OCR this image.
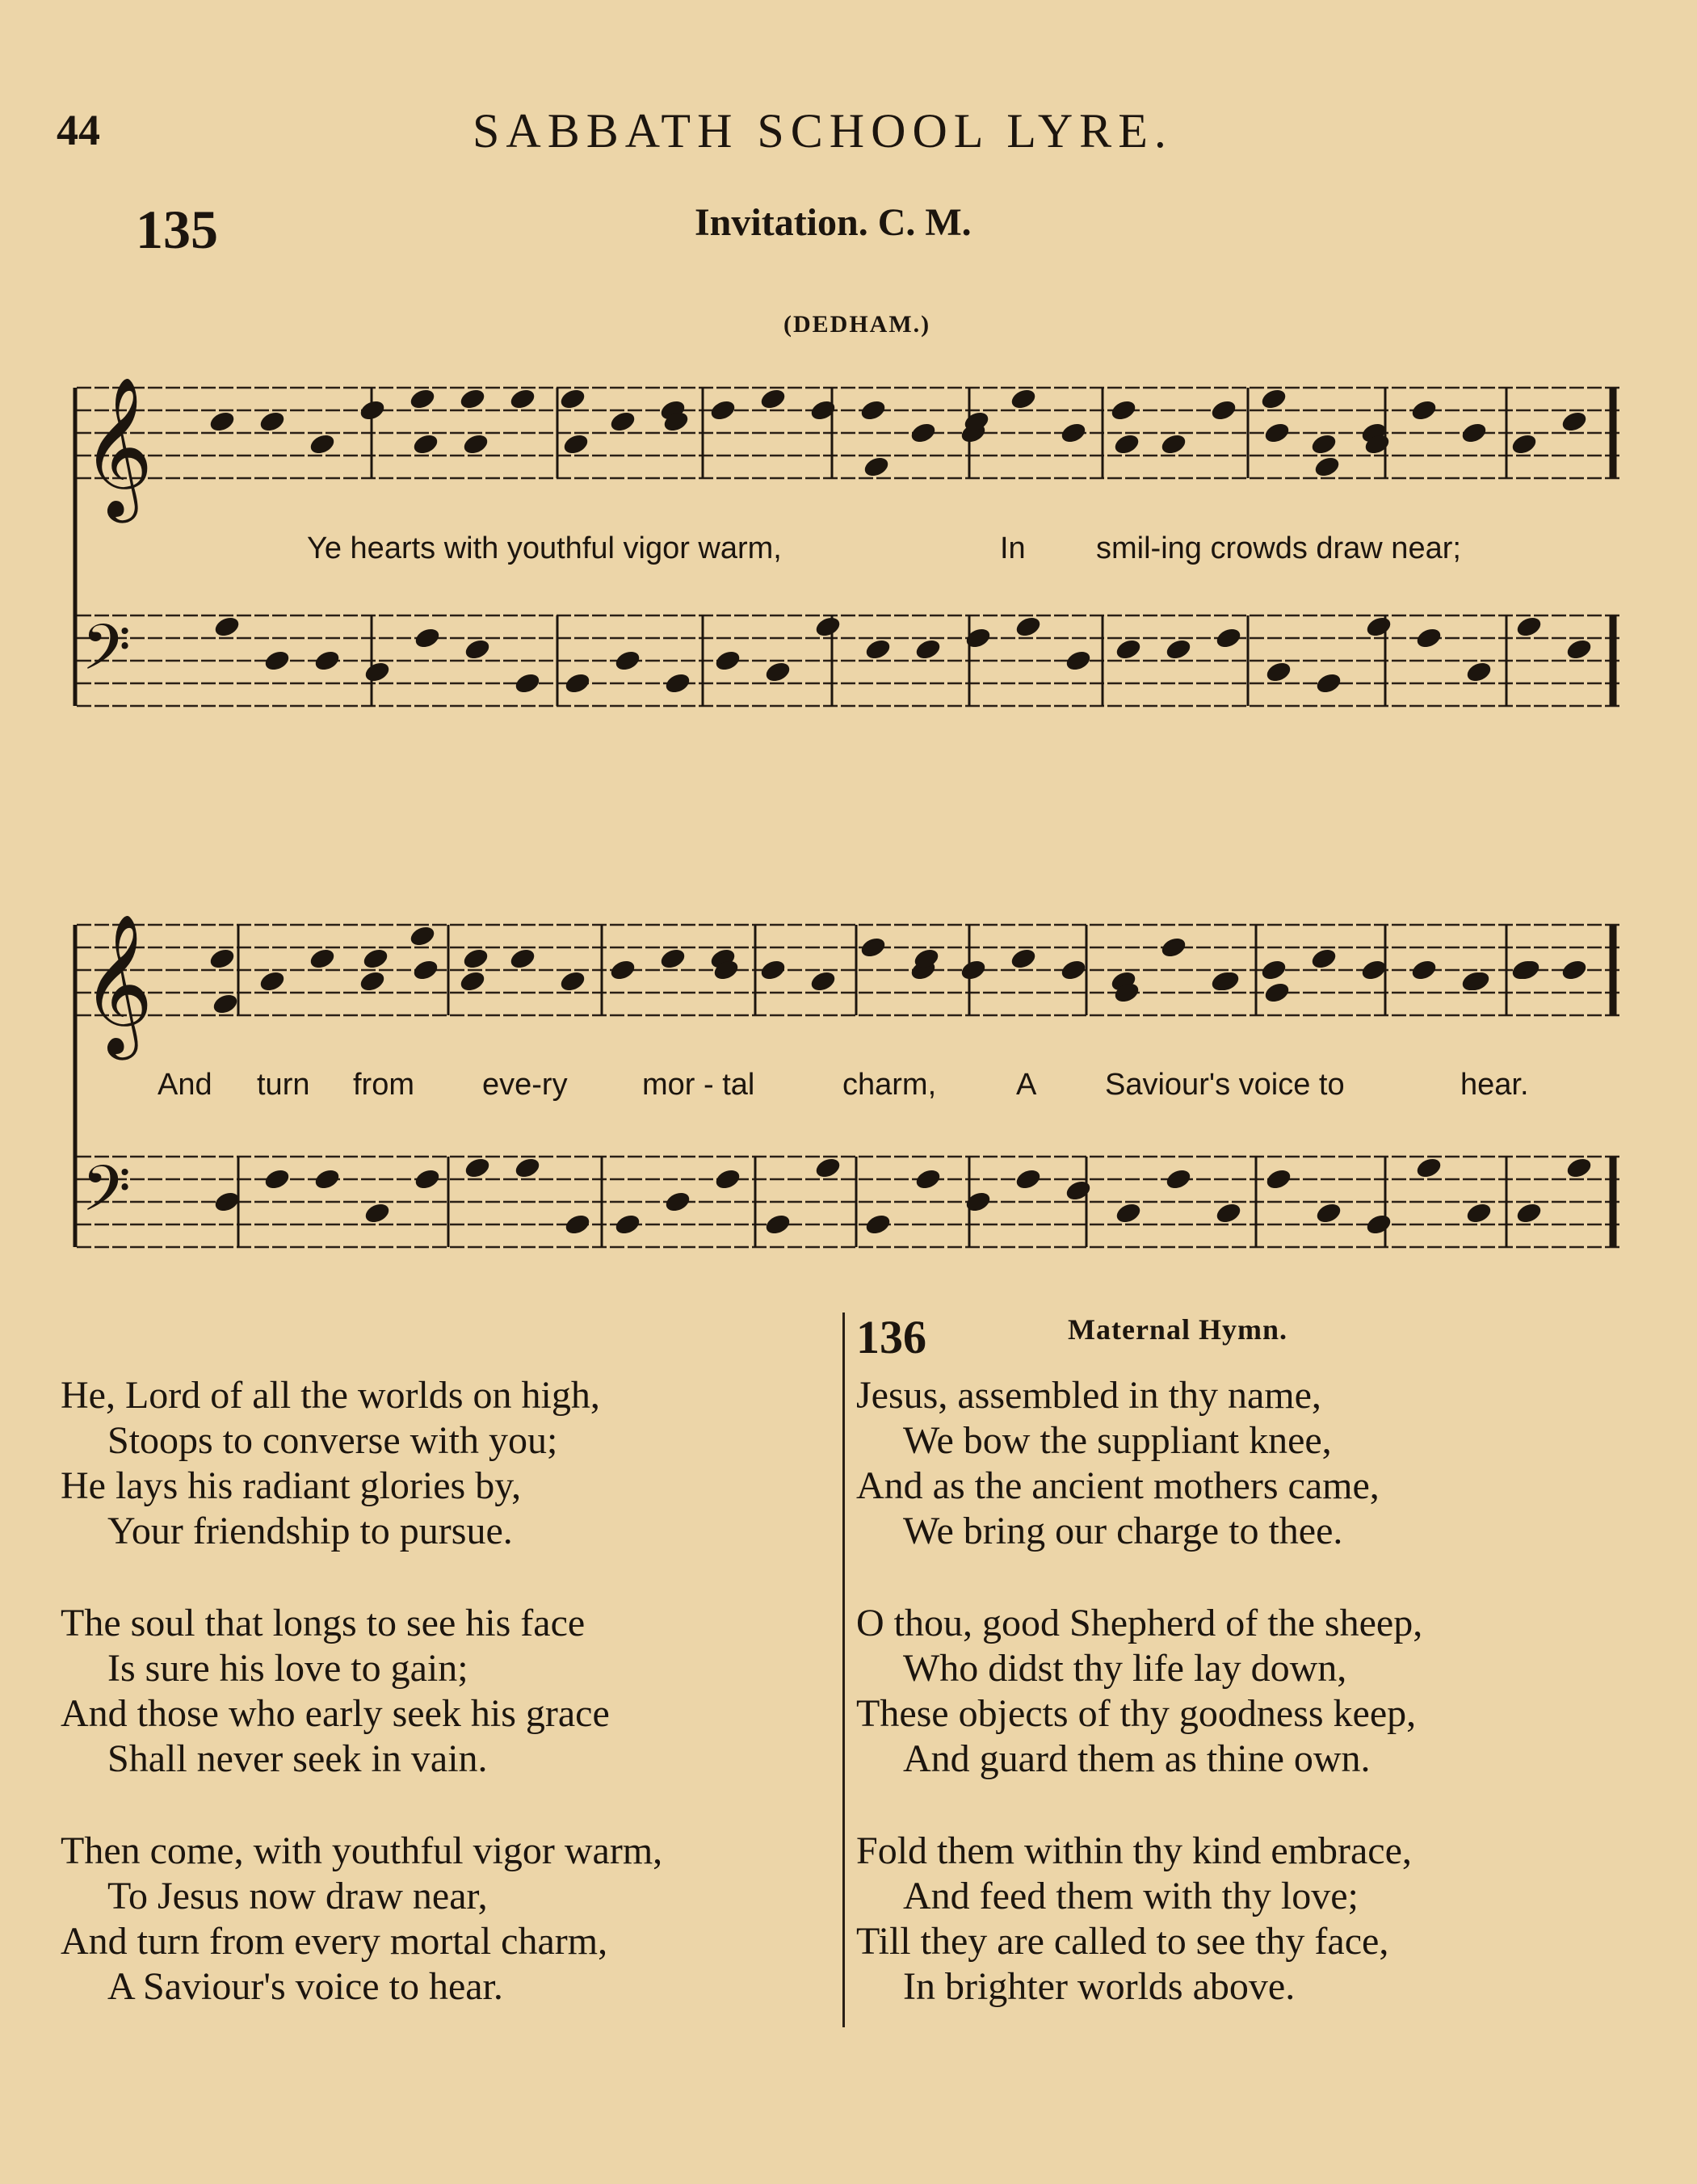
44	SABBATH SCHOOL LYRE.
135	Invitation. C. M.
(DEDHAM.)
𝄞
𝄢
𝄞
𝄢
Ye hearts with youthful vigor warm,	In smil-ing crowds draw near;
And turn from eve-ry mor - tal	charm,	A Saviour's voice to	hear.
He, Lord of all the worlds on high,
Stoops to converse with you;
He lays his radiant glories by,
Your friendship to pursue.
The soul that longs to see his face
Is sure his love to gain;
And those who early seek his grace
Shall never seek in vain.
Then come, with youthful vigor warm,
To Jesus now draw near,
And turn from every mortal charm,
A Saviour's voice to hear.
136	Maternal Hymn.
Jesus, assembled in thy name,
We bow the suppliant knee,
And as the ancient mothers came,
We bring our charge to thee.
O thou, good Shepherd of the sheep,
Who didst thy life lay down,
These objects of thy goodness keep,
And guard them as thine own.
Fold them within thy kind embrace,
And feed them with thy love;
Till they are called to see thy face,
In brighter worlds above.
